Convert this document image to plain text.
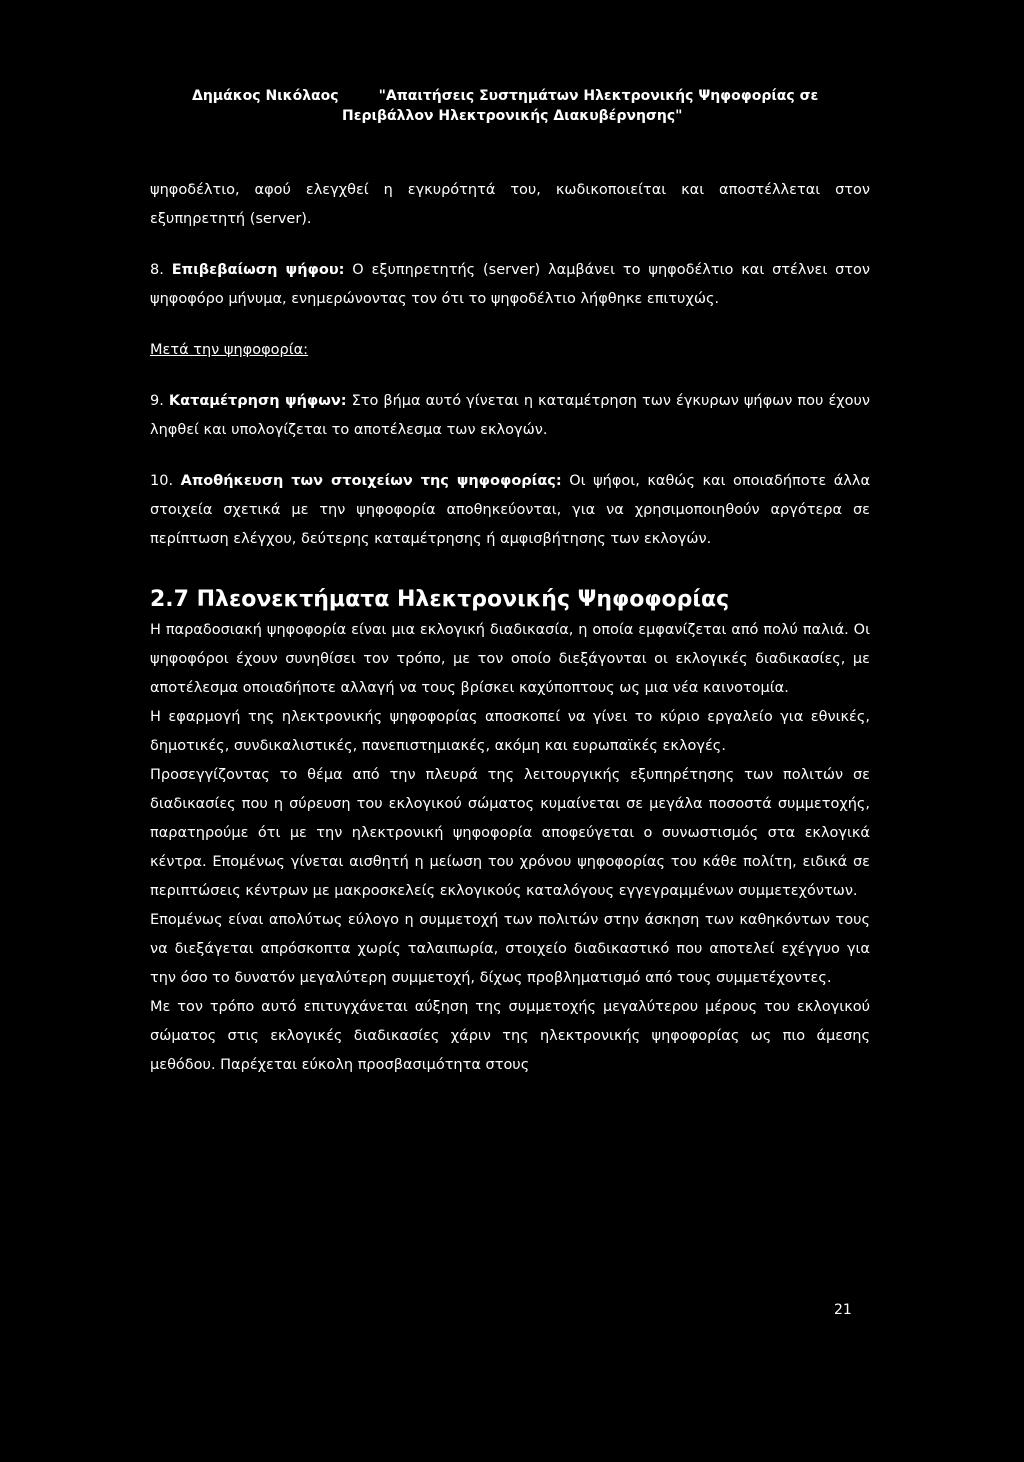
Δημάκος Νικόλαος	"Απαιτήσεις Συστημάτων Ηλεκτρονικής Ψηφοφορίας σε
Περιβάλλον Ηλεκτρονικής Διακυβέρνησης"

ψηφοδέλτιο, αφού ελεγχθεί η εγκυρότητά του, κωδικοποιείται και αποστέλλεται στον εξυπηρετητή (server).

8. Επιβεβαίωση ψήφου: Ο εξυπηρετητής (server) λαμβάνει το ψηφοδέλτιο και στέλνει στον ψηφοφόρο μήνυμα, ενημερώνοντας τον ότι το ψηφοδέλτιο λήφθηκε επιτυχώς.

Μετά την ψηφοφορία:

9. Καταμέτρηση ψήφων: Στο βήμα αυτό γίνεται η καταμέτρηση των έγκυρων ψήφων που έχουν ληφθεί και υπολογίζεται το αποτέλεσμα των εκλογών.

10. Αποθήκευση των στοιχείων της ψηφοφορίας: Οι ψήφοι, καθώς και οποιαδήποτε άλλα στοιχεία σχετικά με την ψηφοφορία αποθηκεύονται, για να χρησιμοποιηθούν αργότερα σε περίπτωση ελέγχου, δεύτερης καταμέτρησης ή αμφισβήτησης των εκλογών.

2.7 Πλεονεκτήματα Ηλεκτρονικής Ψηφοφορίας

Η παραδοσιακή ψηφοφορία είναι μια εκλογική διαδικασία, η οποία εμφανίζεται από πολύ παλιά. Οι ψηφοφόροι έχουν συνηθίσει τον τρόπο, με τον οποίο διεξάγονται οι εκλογικές διαδικασίες, με αποτέλεσμα οποιαδήποτε αλλαγή να τους βρίσκει καχύποπτους ως μια νέα καινοτομία.

Η εφαρμογή της ηλεκτρονικής ψηφοφορίας αποσκοπεί να γίνει το κύριο εργαλείο για εθνικές, δημοτικές, συνδικαλιστικές, πανεπιστημιακές, ακόμη και ευρωπαϊκές εκλογές.

Προσεγγίζοντας το θέμα από την πλευρά της λειτουργικής εξυπηρέτησης των πολιτών σε διαδικασίες που η σύρευση του εκλογικού σώματος κυμαίνεται σε μεγάλα ποσοστά συμμετοχής, παρατηρούμε ότι με την ηλεκτρονική ψηφοφορία αποφεύγεται ο συνωστισμός στα εκλογικά κέντρα. Επομένως γίνεται αισθητή η μείωση του χρόνου ψηφοφορίας του κάθε πολίτη, ειδικά σε περιπτώσεις κέντρων με μακροσκελείς εκλογικούς καταλόγους εγγεγραμμένων συμμετεχόντων.

Επομένως είναι απολύτως εύλογο η συμμετοχή των πολιτών στην άσκηση των καθηκόντων τους να διεξάγεται απρόσκοπτα χωρίς ταλαιπωρία, στοιχείο διαδικαστικό που αποτελεί εχέγγυο για την όσο το δυνατόν μεγαλύτερη συμμετοχή, δίχως προβληματισμό από τους συμμετέχοντες.

Με τον τρόπο αυτό επιτυγχάνεται αύξηση της συμμετοχής μεγαλύτερου μέρους του εκλογικού σώματος στις εκλογικές διαδικασίες χάριν της ηλεκτρονικής ψηφοφορίας ως πιο άμεσης μεθόδου. Παρέχεται εύκολη προσβασιμότητα στους

21
